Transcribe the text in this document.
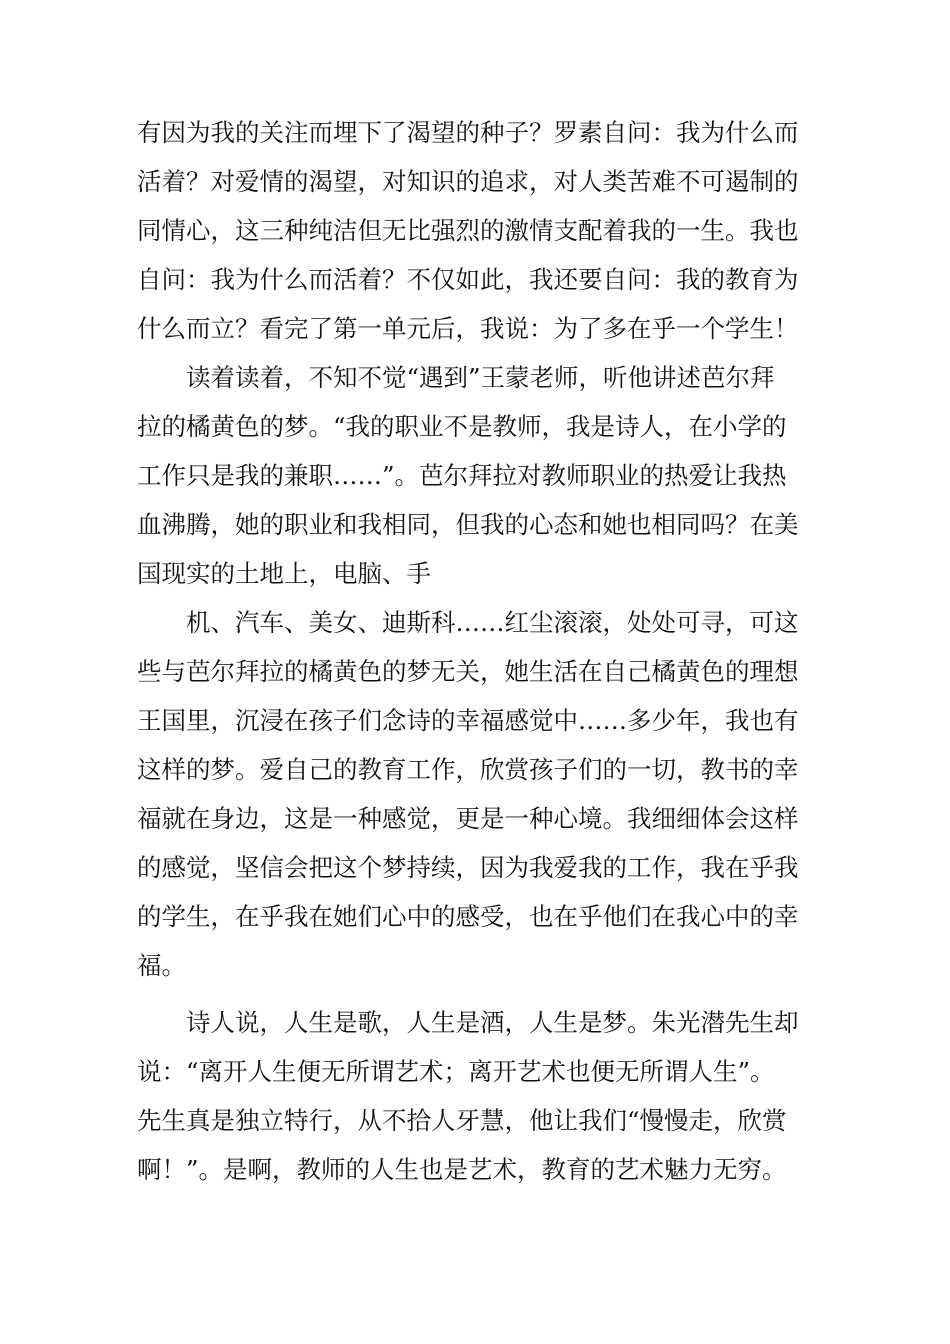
有因为我的关注而埋下了渴望的种子？罗素自问：我为什么而
活着？对爱情的渴望，对知识的追求，对人类苦难不可遏制的
同情心，这三种纯洁但无比强烈的激情支配着我的一生。我也
自问：我为什么而活着？不仅如此，我还要自问：我的教育为
什么而立？看完了第一单元后，我说：为了多在乎一个学生！
读着读着，不知不觉“遇到”王蒙老师，听他讲述芭尔拜
拉的橘黄色的梦。“我的职业不是教师，我是诗人，在小学的
工作只是我的兼职……”。芭尔拜拉对教师职业的热爱让我热
血沸腾，她的职业和我相同，但我的心态和她也相同吗？在美
国现实的土地上，电脑、手
机、汽车、美女、迪斯科……红尘滚滚，处处可寻，可这
些与芭尔拜拉的橘黄色的梦无关，她生活在自己橘黄色的理想
王国里，沉浸在孩子们念诗的幸福感觉中……多少年，我也有
这样的梦。爱自己的教育工作，欣赏孩子们的一切，教书的幸
福就在身边，这是一种感觉，更是一种心境。我细细体会这样
的感觉，坚信会把这个梦持续，因为我爱我的工作，我在乎我
的学生，在乎我在她们心中的感受，也在乎他们在我心中的幸
福。
诗人说，人生是歌，人生是酒，人生是梦。朱光潜先生却
说：“离开人生便无所谓艺术；离开艺术也便无所谓人生”。
先生真是独立特行，从不拾人牙慧，他让我们“慢慢走，欣赏
啊！”。是啊，教师的人生也是艺术，教育的艺术魅力无穷。
